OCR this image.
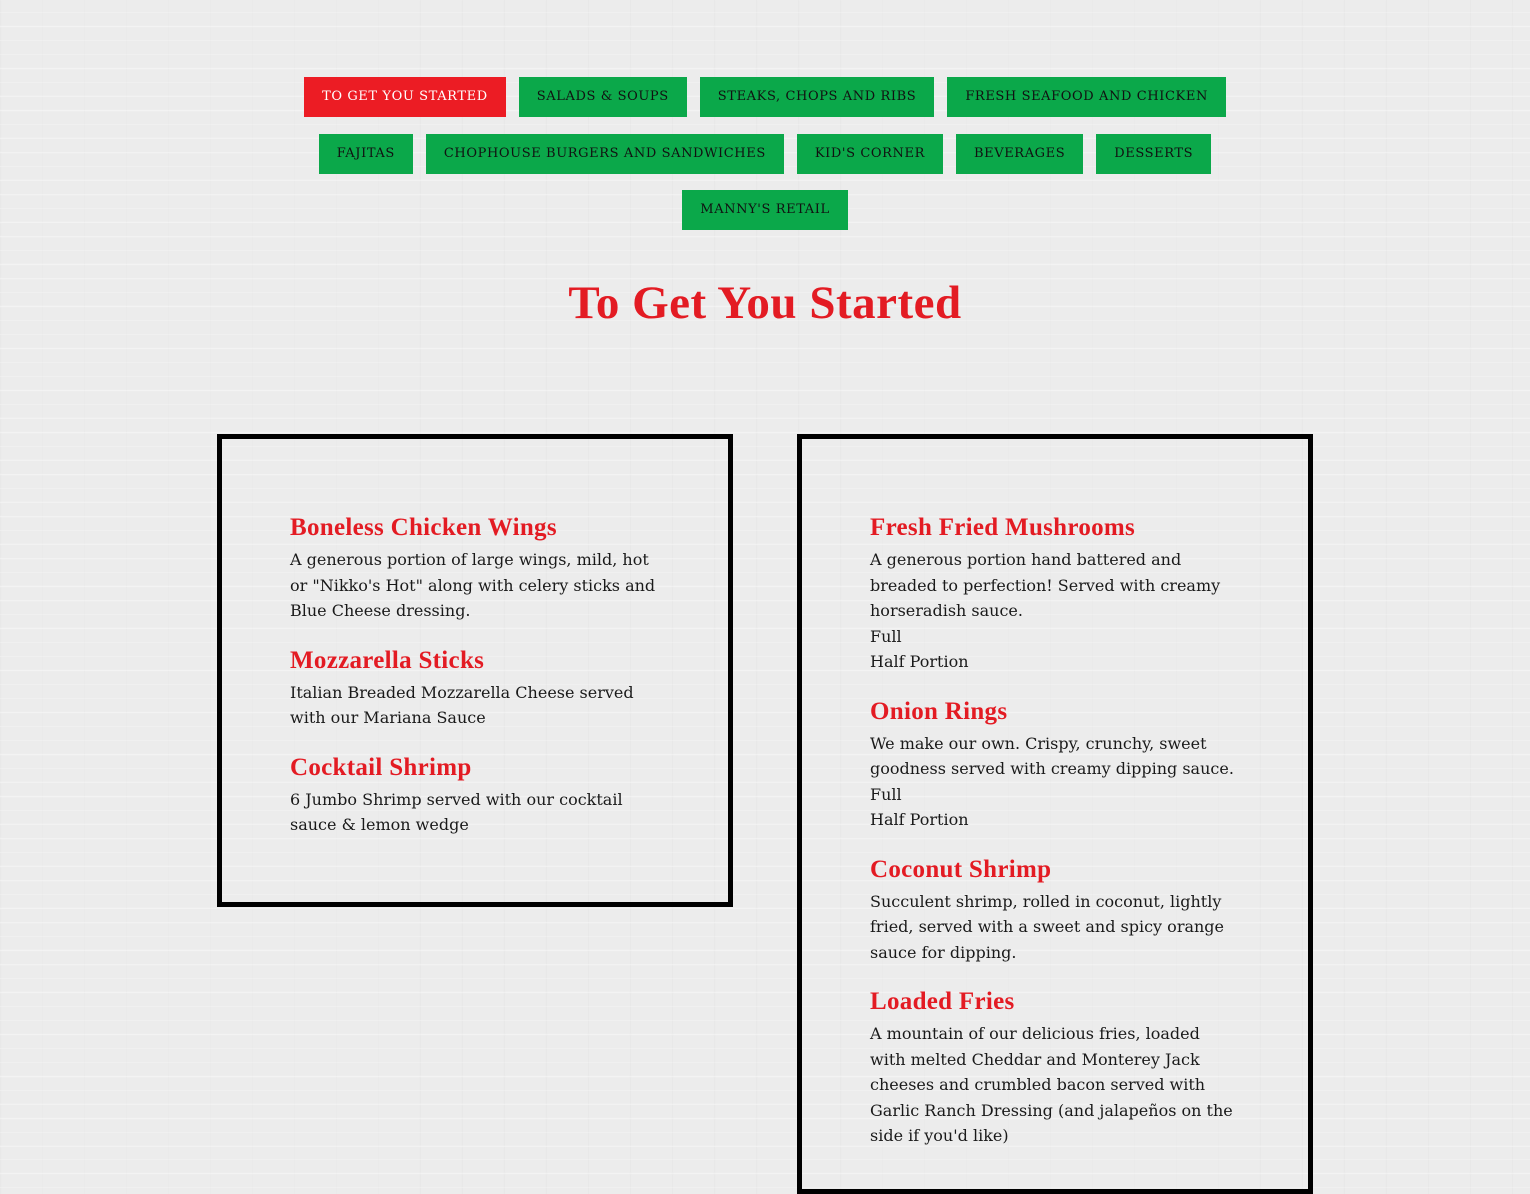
TO GET YOU STARTED	SALADS & SOUPS	STEAKS, CHOPS AND RIBS	FRESH SEAFOOD AND CHICKEN
FAJITAS	CHOPHOUSE BURGERS AND SANDWICHES	KID'S CORNER	BEVERAGES	DESSERTS
MANNY'S RETAIL
To Get You Started
Boneless Chicken Wings

A generous portion of large wings, mild, hot or "Nikko's Hot" along with celery sticks and Blue Cheese dressing.

Mozzarella Sticks

Italian Breaded Mozzarella Cheese served with our Mariana Sauce

Cocktail Shrimp

6 Jumbo Shrimp served with our cocktail sauce & lemon wedge

Fresh Fried Mushrooms

A generous portion hand battered and breaded to perfection! Served with creamy horseradish sauce.

Full

Half Portion

Onion Rings

We make our own. Crispy, crunchy, sweet goodness served with creamy dipping sauce.

Full

Half Portion

Coconut Shrimp

Succulent shrimp, rolled in coconut, lightly fried, served with a sweet and spicy orange sauce for dipping.

Loaded Fries

A mountain of our delicious fries, loaded with melted Cheddar and Monterey Jack cheeses and crumbled bacon served with Garlic Ranch Dressing (and jalapeños on the side if you'd like)
